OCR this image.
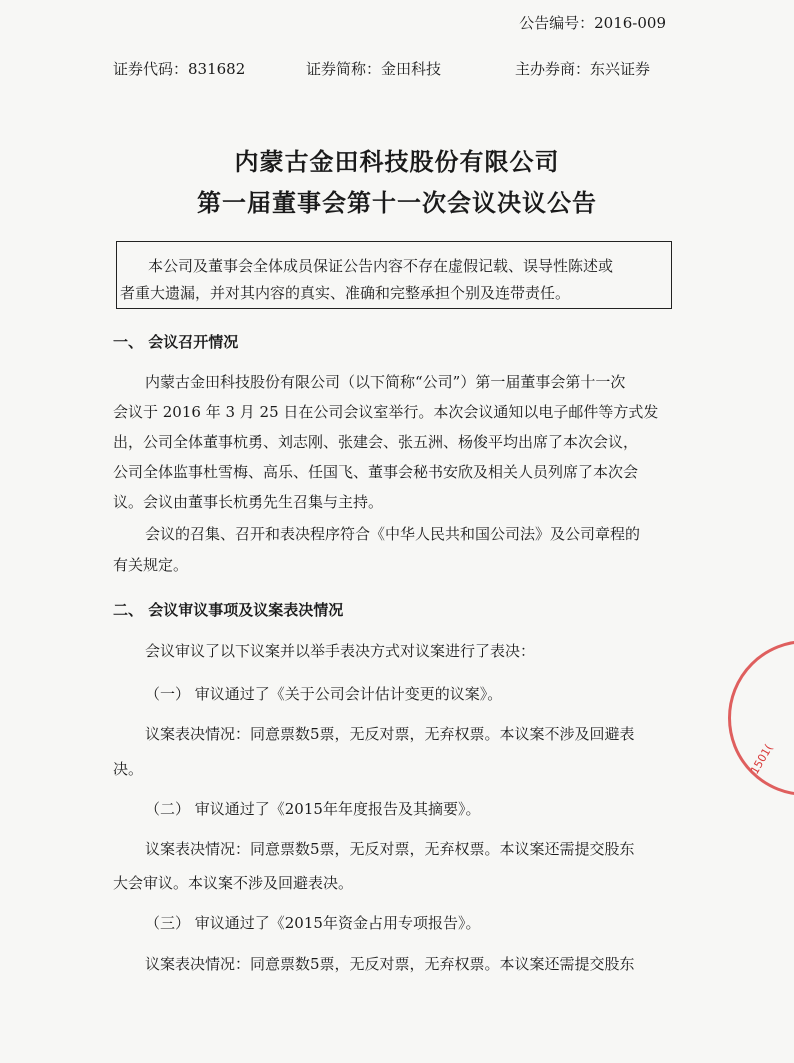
公告编号：2016-009
证券代码：831682	证券简称：金田科技	主办券商：东兴证券
内蒙古金田科技股份有限公司
第一届董事会第十一次会议决议公告

本公司及董事会全体成员保证公告内容不存在虚假记载、误导性陈述或

者重大遗漏，并对其内容的真实、准确和完整承担个别及连带责任。

一、 会议召开情况
内蒙古金田科技股份有限公司（以下简称“公司”）第一届董事会第十一次
会议于 2016 年 3 月 25 日在公司会议室举行。本次会议通知以电子邮件等方式发
出，公司全体董事杭勇、刘志刚、张建会、张五洲、杨俊平均出席了本次会议，
公司全体监事杜雪梅、高乐、任国飞、董事会秘书安欣及相关人员列席了本次会
议。会议由董事长杭勇先生召集与主持。
会议的召集、召开和表决程序符合《中华人民共和国公司法》及公司章程的
有关规定。
二、 会议审议事项及议案表决情况
会议审议了以下议案并以举手表决方式对议案进行了表决：
（一） 审议通过了《关于公司会计估计变更的议案》。
议案表决情况：同意票数5票，无反对票，无弃权票。本议案不涉及回避表
决。
（二） 审议通过了《2015年年度报告及其摘要》。
议案表决情况：同意票数5票，无反对票，无弃权票。本议案还需提交股东
大会审议。本议案不涉及回避表决。
（三） 审议通过了《2015年资金占用专项报告》。
议案表决情况：同意票数5票，无反对票，无弃权票。本议案还需提交股东
1501(
